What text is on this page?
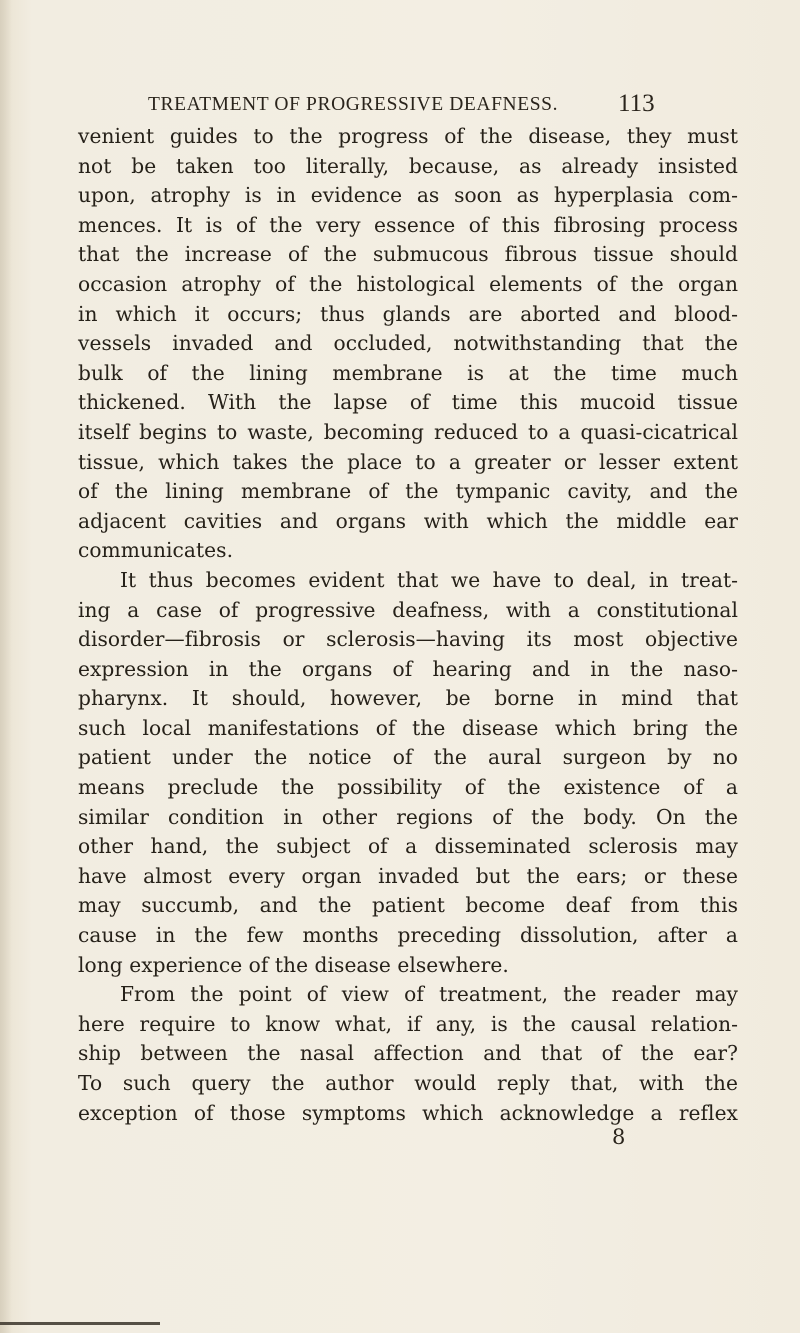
TREATMENT OF PROGRESSIVE DEAFNESS. 113
venient guides to the progress of the disease, they must
not be taken too literally, because, as already insisted
upon, atrophy is in evidence as soon as hyperplasia com-
mences. It is of the very essence of this fibrosing process
that the increase of the submucous fibrous tissue should
occasion atrophy of the histological elements of the organ
in which it occurs; thus glands are aborted and blood-
vessels invaded and occluded, notwithstanding that the
bulk of the lining membrane is at the time much
thickened. With the lapse of time this mucoid tissue
itself begins to waste, becoming reduced to a quasi-cicatrical
tissue, which takes the place to a greater or lesser extent
of the lining membrane of the tympanic cavity, and the
adjacent cavities and organs with which the middle ear
communicates.
It thus becomes evident that we have to deal, in treat-
ing a case of progressive deafness, with a constitutional
disorder—fibrosis or sclerosis—having its most objective
expression in the organs of hearing and in the naso-
pharynx. It should, however, be borne in mind that
such local manifestations of the disease which bring the
patient under the notice of the aural surgeon by no
means preclude the possibility of the existence of a
similar condition in other regions of the body. On the
other hand, the subject of a disseminated sclerosis may
have almost every organ invaded but the ears; or these
may succumb, and the patient become deaf from this
cause in the few months preceding dissolution, after a
long experience of the disease elsewhere.
From the point of view of treatment, the reader may
here require to know what, if any, is the causal relation-
ship between the nasal affection and that of the ear?
To such query the author would reply that, with the
exception of those symptoms which acknowledge a reflex
8
